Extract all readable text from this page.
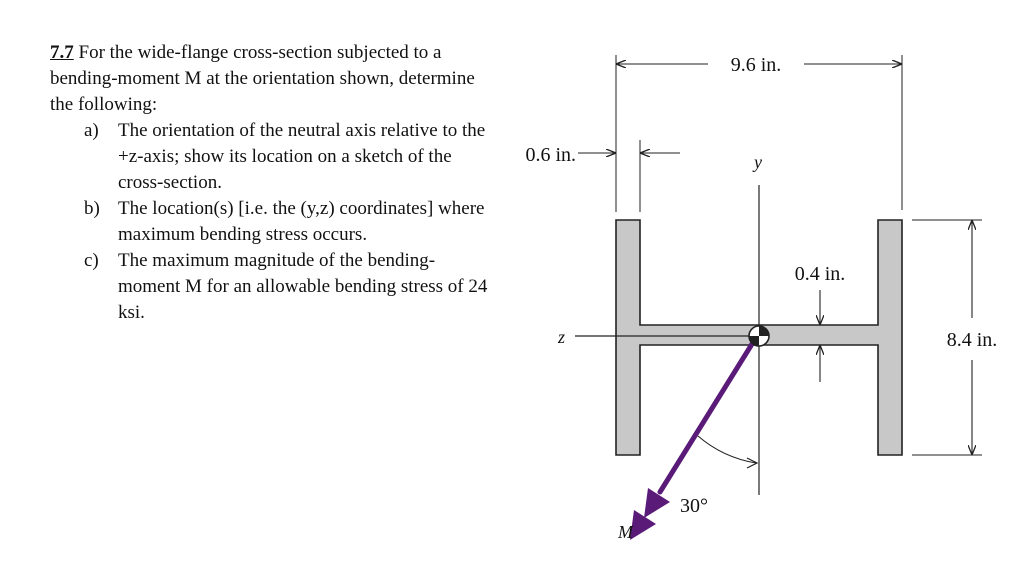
7.7 For the wide-flange cross-section subjected to a bending-moment M at the orientation shown, determine the following:

a) The orientation of the neutral axis relative to the +z-axis; show its location on a sketch of the cross-section.
b) The location(s) [i.e. the (y,z) coordinates] where maximum bending stress occurs.
c) The maximum magnitude of the bending-moment M for an allowable bending stress of 24 ksi.
y
z
9.6 in.
0.6 in.
0.4 in.
8.4 in.
30°
M
